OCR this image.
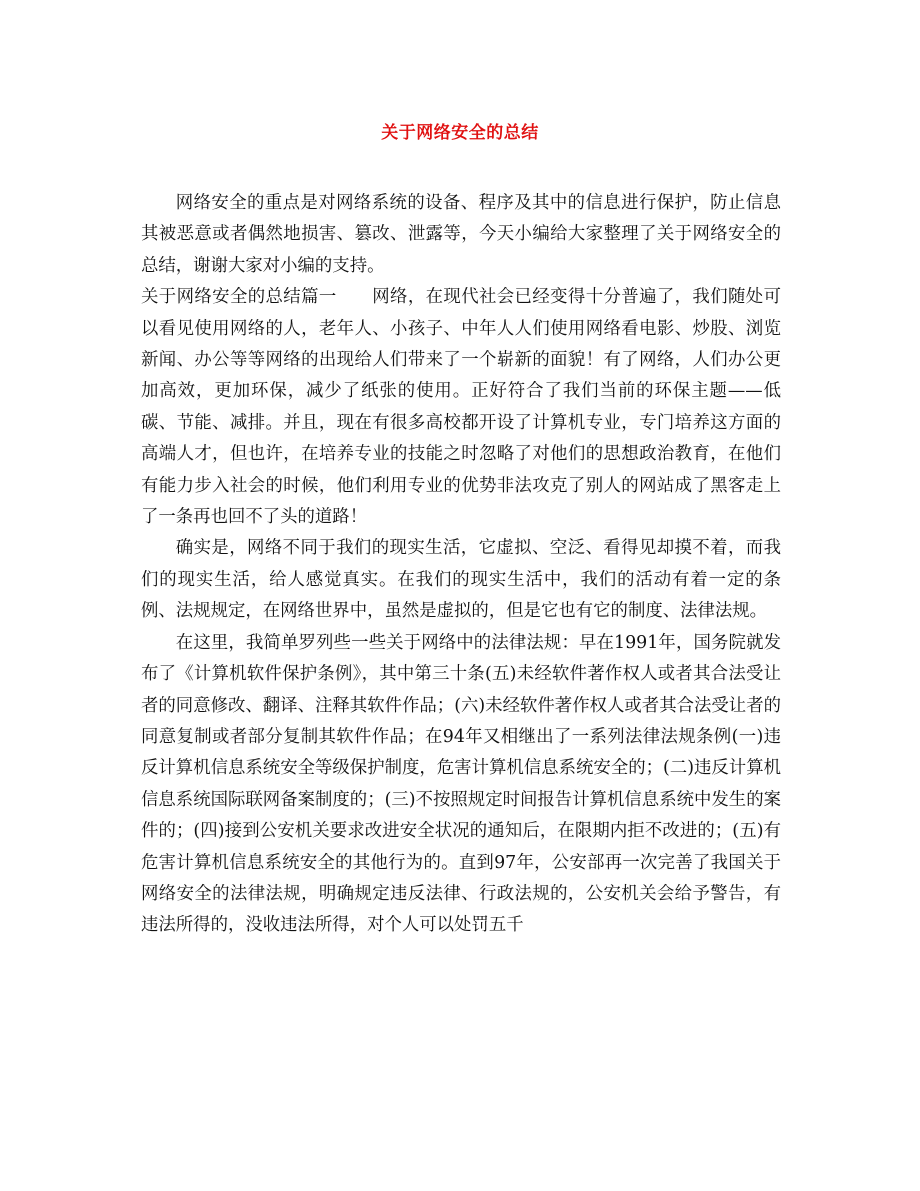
关于网络安全的总结

网络安全的重点是对网络系统的设备、程序及其中的信息进行保护，防止信息其被恶意或者偶然地损害、篡改、泄露等，今天小编给大家整理了关于网络安全的总结，谢谢大家对小编的支持。

关于网络安全的总结篇一　　 网络，在现代社会已经变得十分普遍了，我们随处可以看见使用网络的人，老年人、小孩子、中年人人们使用网络看电影、炒股、浏览新闻、办公等等网络的出现给人们带来了一个崭新的面貌！有了网络，人们办公更加高效，更加环保，减少了纸张的使用。正好符合了我们当前的环保主题——低碳、节能、减排。并且，现在有很多高校都开设了计算机专业，专门培养这方面的高端人才，但也许，在培养专业的技能之时忽略了对他们的思想政治教育，在他们有能力步入社会的时候，他们利用专业的优势非法攻克了别人的网站成了黑客走上了一条再也回不了头的道路！

确实是，网络不同于我们的现实生活，它虚拟、空泛、看得见却摸不着，而我们的现实生活，给人感觉真实。在我们的现实生活中，我们的活动有着一定的条例、法规规定，在网络世界中，虽然是虚拟的，但是它也有它的制度、法律法规。

在这里，我简单罗列些一些关于网络中的法律法规：早在1991年，国务院就发布了《计算机软件保护条例》，其中第三十条(五)未经软件著作权人或者其合法受让者的同意修改、翻译、注释其软件作品；(六)未经软件著作权人或者其合法受让者的同意复制或者部分复制其软件作品；在94年又相继出了一系列法律法规条例(一)违反计算机信息系统安全等级保护制度，危害计算机信息系统安全的；(二)违反计算机信息系统国际联网备案制度的；(三)不按照规定时间报告计算机信息系统中发生的案件的；(四)接到公安机关要求改进安全状况的通知后，在限期内拒不改进的；(五)有危害计算机信息系统安全的其他行为的。直到97年，公安部再一次完善了我国关于网络安全的法律法规，明确规定违反法律、行政法规的，公安机关会给予警告，有违法所得的，没收违法所得，对个人可以处罚五千
